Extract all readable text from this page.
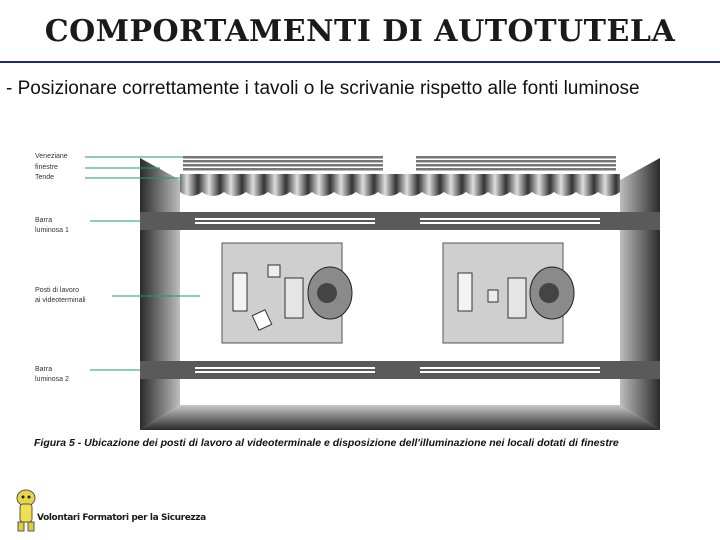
COMPORTAMENTI DI AUTOTUTELA
- Posizionare correttamente i tavoli o le scrivanie rispetto alle fonti luminose
Veneziane
finestre
Tende
Barra
luminosa 1
Posti di lavoro
ai videoterminali
Barra
luminosa 2
Figura 5 - Ubicazione dei posti di lavoro al videoterminale e disposizione dell'illuminazione nei locali dotati di finestre
Volontari Formatori per la Sicurezza
